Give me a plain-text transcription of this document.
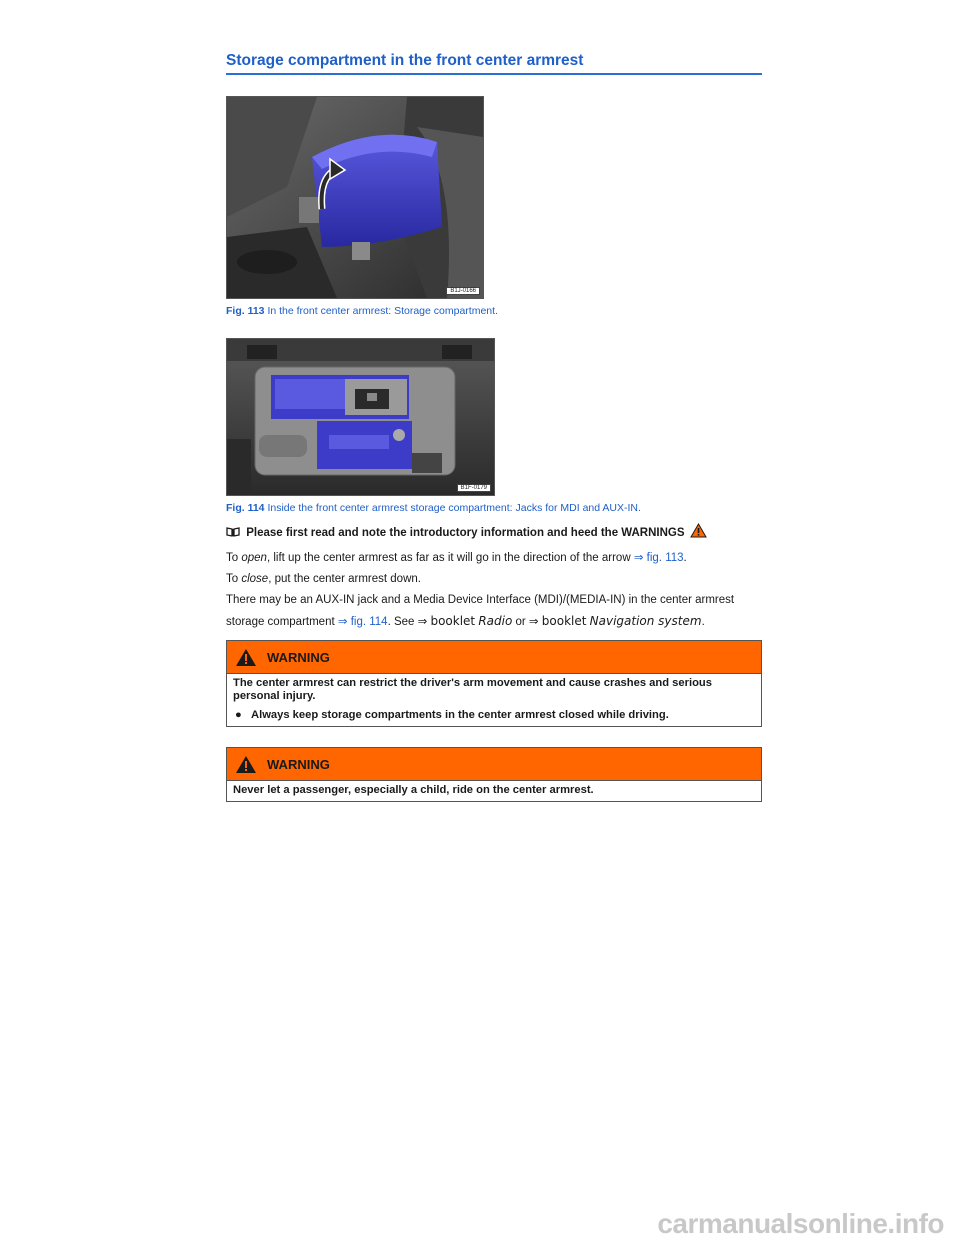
Storage compartment in the front center armrest
B1J-0166
Fig. 113 In the front center armrest: Storage compartment.
B1F-0179
Fig. 114 Inside the front center armrest storage compartment: Jacks for MDI and AUX-IN.
Please first read and note the introductory information and heed the WARNINGS
To open, lift up the center armrest as far as it will go in the direction of the arrow ⇒ fig. 113.
To close, put the center armrest down.
There may be an AUX-IN jack and a Media Device Interface (MDI)/(MEDIA-IN) in the center armrest
storage compartment ⇒ fig. 114. See ⇒ booklet Radio or ⇒ booklet Navigation system.
WARNING
The center armrest can restrict the driver's arm movement and cause crashes and serious personal injury.
● Always keep storage compartments in the center armrest closed while driving.
WARNING
Never let a passenger, especially a child, ride on the center armrest.
carmanualsonline.info
